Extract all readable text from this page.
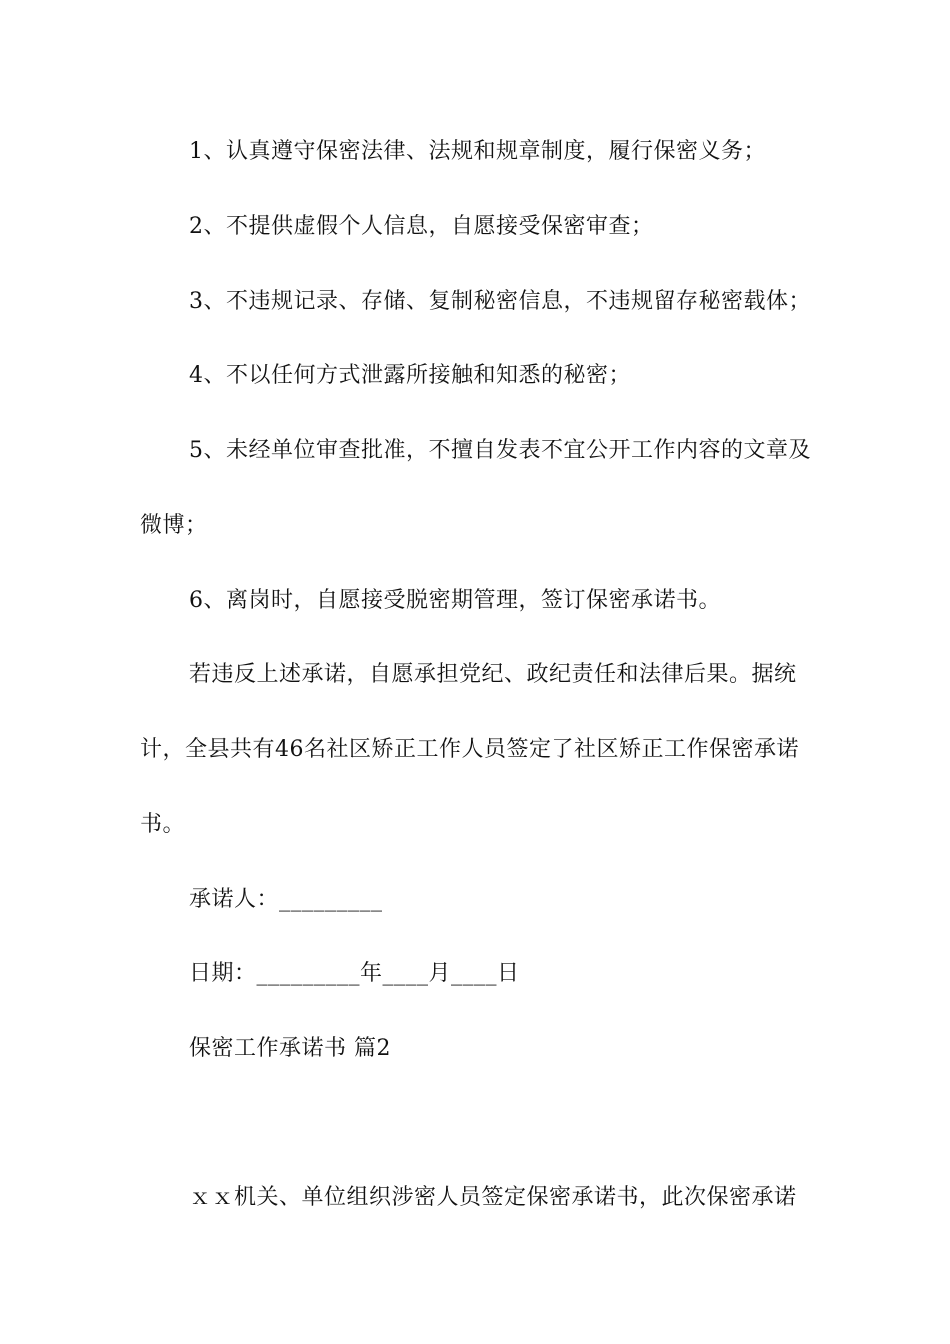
1、认真遵守保密法律、法规和规章制度，履行保密义务；
2、不提供虚假个人信息，自愿接受保密审查；
3、不违规记录、存储、复制秘密信息，不违规留存秘密载体；
4、不以任何方式泄露所接触和知悉的秘密；
5、未经单位审查批准，不擅自发表不宜公开工作内容的文章及
微博；
6、离岗时，自愿接受脱密期管理，签订保密承诺书。
若违反上述承诺，自愿承担党纪、政纪责任和法律后果。据统
计，全县共有46名社区矫正工作人员签定了社区矫正工作保密承诺
书。
承诺人：_________
日期：_________年____月____日
保密工作承诺书 篇2
ｘｘ机关、单位组织涉密人员签定保密承诺书，此次保密承诺
